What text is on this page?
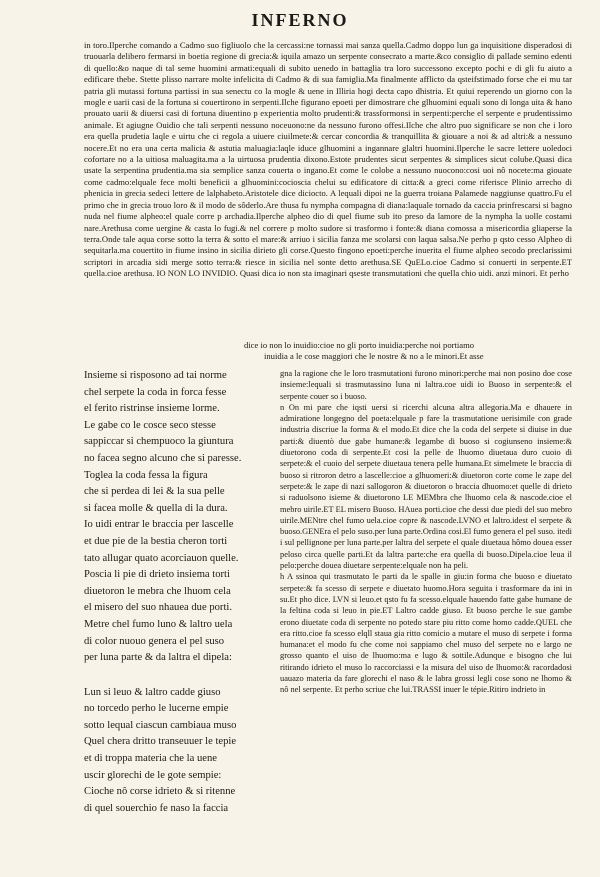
INFERNO

in toro.Ilperche comando a Cadmo suo figliuolo che la cercassi:ne tornassi mai sanza quella.Cadmo doppo lun ga inquisitione disperadosi di truouarla delibero fermarsi in boetia regione di grecia:& iquila amazo un serpente consecrato a marte.&co consiglio di pallade semino edenti di quello:&o naque di tal seme huomini armati:equali di subito uenedo in battaglia tra loro successono excepto pochi e di gli fu aiuto a edificare thebe. Stette plisso narrare molte infelicita di Cadmo & di sua famiglia.Ma finalmente afflicto da qsteifstimado forse che ei mu tar patria gli mutassi fortuna partissi in sua senectu co la mogle & uene in Illiria hogi decta capo dhistria. Et quiui reperendo un giorno con la mogle e uarii casi de la fortuna si couertirono in serpenti.Ilche figurano epoeti per dimostrare che glhuomini equali sono di longa uita & hano prouato uarii & diuersi casi di fortuna diuentino p experientia molto prudenti:& trassformonsi in serpenti:perche el serpente e prudentissimo animale. Et agiugne Ouidio che tali serpenti nessuno noceuono:ne da nessuno furono offesi.Ilche che altro puo significare se non che i loro era quella prudetia laqle e uirtu che ci regola a uiuere ciuilmete:& cercar concordia & tranquillita & giouare a noi & ad altri:& a nessuno nocere.Et no era una certa malicia & astutia maluagia:laqle iduce glhuomini a ingannare glaltri huomini.Ilperche le sacre lettere uoledoci cofortare no a la uitiosa maluagita.ma a la uirtuosa prudentia dixono.Estote prudentes sicut serpentes & simplices sicut colube.Quasi dica usate la serpentina prudentia.ma sia semplice sanza couerta o ingano.Et come le colobe a nessuno nuocono:cosi uoi nô nocete:ma giouate come cadmo:elquale fece molti beneficii a glhuomini:cocioscia chelui su edificatore di citta:& a greci come riferisce Plinio arrecho di phenicia in grecia sedeci lettere de lalphabeto.Aristotele dice diciocto. A lequali dipoi ne la guerra troiana Palamede naggiunse quattro.Fu el primo che in grecia trouo loro & il modo de sôderlo.Are thusa fu nympha compagna di diana:laquale tornado da caccia prinfrescarsi si bagno nuda nel fiume alpheo:el quale corre p archadia.Ilperche alpheo dio di quel fiume sub ito preso da lamore de la nympha la uolle costami nare.Arethusa come uergine & casta lo fugi.& nel correre p molto sudore si trasformo i fonte:& diana comossa a misericordia gliaperse la terra.Onde tale aqua corse sotto la terra & sotto el mare:& arriuo i sicilia fanza me scolarsi con laqua salsa.Ne perho p qsto cesso Alpheo di sequitarla.ma couertito in fiume insino in sicilia dirieto gli corse.Questo fingono epoeti:perche inuerita el fiume alpheo secodo preclarissimi scriptori in arcadia sidi merge sotto terra:& riesce in sicilia nel sonte detto arethusa.SE QuELo.cioe Cadmo si conuerti in serpente.ET quella.cioe arethusa. IO NON LO INVIDIO. Quasi dica io non sta imaginari qseste transmutationi che quella chio uidi. anzi minori. Et perho

dice io non lo inuidio:cioe no gli porto inuidia:perche noi portiamo
inuidia a le cose maggiori che le nostre & no a le minori.Et asse
Insieme si risposono ad tai norme
chel serpete la coda in forca fesse
el ferito ristrinse insieme lorme.
Le gabe co le cosce seco stesse
sappiccar si chempuoco la giuntura
no facea segno alcuno che si paresse.
Toglea la coda fessa la figura
che si perdea di lei & la sua pelle
si facea molle & quella di la dura.
Io uidi entrar le braccia per lascelle
et due pie de la bestia cheron torti
tato allugar quato acorciauon quelle.
Poscia li pie di drieto insiema torti
diuetoron le mebra che lhuom cela
el misero del suo nhauea due porti.
Metre chel fumo luno & laltro uela
di color nuouo genera el pel suso
per luna parte & da laltra el dipela:
Lun si leuo & laltro cadde giuso
no torcedo perho le lucerne empie
sotto lequal ciascun cambiaua muso
Quel chera dritto transeuuer le tepie
et di troppa materia che la uene
uscir glorechi de le gote sempie:
Cioche nô corse idrieto & si ritenne
di quel souerchio fe naso la faccia

gna la ragione che le loro trasmutationi furono minori:perche mai non posino doe cose insieme:lequali si trasmutassino luna ni laltra.coe uidi io Buoso in serpente:& el serpente couer so i buoso.

n On mi pare che iqsti uersi si ricerchi alcuna altra allegoria.Ma e dhauere in admiratione longegno del poeta:elquale p fare la trasmutatione uerisimile con grade industria discriue la forma & el modo.Et dice che la coda del serpete si diuise in due parti:& diuentò due gabe humane:& legambe di buoso si cogiunseno insieme:& diuetorono coda di serpente.Et cosi la pelle de lhuomo diuetaua duro cuoio di serpete:& el cuoio del serpete diuetaua tenera pelle humana.Et simelmete le braccia di buoso si ritroron detro a lascelle:cioe a glhuomeri:& diuetoron corte come le zape del serpete:& le zape di nazi sallogoron & diuetoron o braccia dhuomo:et quelle di drieto si raduolsono isieme & diuetorono LE MEMbra che lhuomo cela & nascode.cioe el mebro uirile.ET EL misero Buoso. HAuea porti.cioe che dessi due piedi del suo mebro uirile.MENtre chel fumo uela.cioe copre & nascode.LVNO et laltro.idest el serpete & buoso.GENEra el pelo suso.per luna parte.Ordina cosi.El fumo genera el pel suso. itedi i sul pellignone per luna parte.per laltra del serpete el quale diuetaua hômo douea esser peloso circa quelle parti.Et da laltra parte:che era quella di buoso.Dipela.cioe leua il pelo:perche douea diuetare serpente:elquale non ha peli.

h A ssinoa qui trasmutato le parti da le spalle in giu:in forma che buoso e diuetato serpete:& fa scesso di serpete e diuetato huomo.Hora seguita i trasformare da ini in su.Et pho dice. LVN si leuo.et qsto fu fa scesso.elquale hauendo fatte gabe humane de la feltina coda si leuo in pie.ET Laltro cadde giuso. Et buoso perche le sue gambe erono diuetate coda di serpente no potedo stare piu ritto come homo cadde.QUEL che era ritto.cioe fa scesso elqll staua gia ritto comicio a mutare el muso di serpete i forma humana:et el modo fu che come noi sappiamo chel muso del serpete no e largo ne grosso quanto el uiso de lhuomo:ma e lugo & sottile.Adunque e bisogno che lui ritirando idrieto el muso lo raccorciassi e la misura del uiso de lhuomo:& racordadosi uauazo materia da fare glorechi el naso & le labra grossi legli cose sono ne lhomo & nô nel serpente. Et perho scriue che lui.TRASSI inuer le tépie.Ritiro indrieto in
